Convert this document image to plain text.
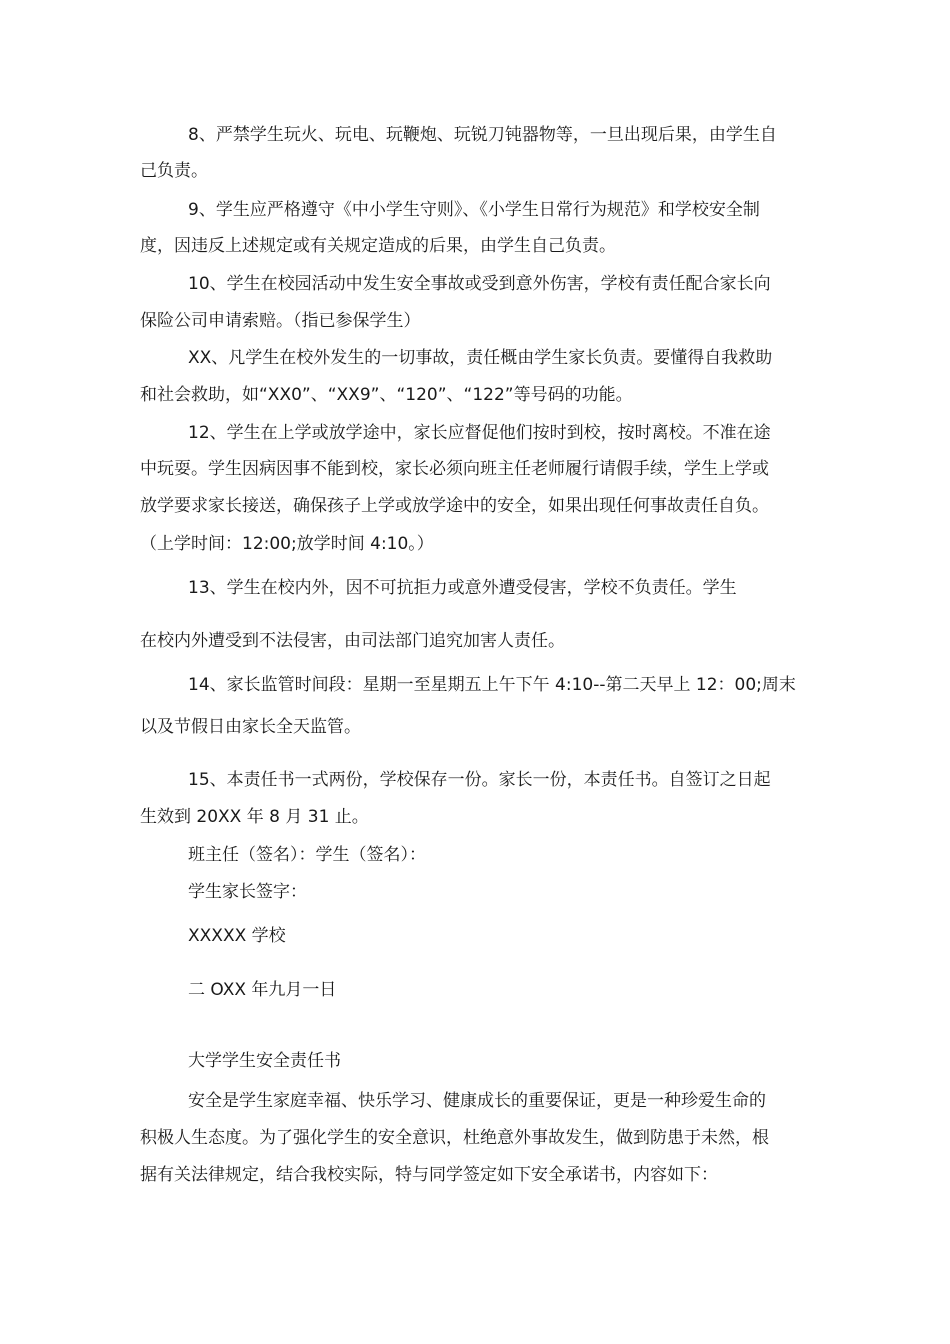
8、严禁学生玩火、玩电、玩鞭炮、玩锐刀钝器物等，一旦出现后果，由学生自
己负责。
9、学生应严格遵守《中小学生守则》、《小学生日常行为规范》和学校安全制
度，因违反上述规定或有关规定造成的后果，由学生自己负责。
10、学生在校园活动中发生安全事故或受到意外伤害，学校有责任配合家长向
保险公司申请索赔。（指已参保学生）
XX、凡学生在校外发生的一切事故，责任概由学生家长负责。要懂得自我救助
和社会救助，如“XX0”、“XX9”、“120”、“122”等号码的功能。
12、学生在上学或放学途中，家长应督促他们按时到校，按时离校。不准在途
中玩耍。学生因病因事不能到校，家长必须向班主任老师履行请假手续，学生上学或
放学要求家长接送，确保孩子上学或放学途中的安全，如果出现任何事故责任自负。
（上学时间：12:00;放学时间 4:10。）
13、学生在校内外，因不可抗拒力或意外遭受侵害，学校不负责任。学生
在校内外遭受到不法侵害，由司法部门追究加害人责任。
14、家长监管时间段：星期一至星期五上午下午 4:10--第二天早上 12：00;周末
以及节假日由家长全天监管。
15、本责任书一式两份，学校保存一份。家长一份，本责任书。自签订之日起
生效到 20XX 年 8 月 31 止。
班主任（签名）：学生（签名）：
学生家长签字：
XXXXX 学校
二 OXX 年九月一日
大学学生安全责任书
安全是学生家庭幸福、快乐学习、健康成长的重要保证，更是一种珍爱生命的
积极人生态度。为了强化学生的安全意识，杜绝意外事故发生，做到防患于未然，根
据有关法律规定，结合我校实际，特与同学签定如下安全承诺书，内容如下：
